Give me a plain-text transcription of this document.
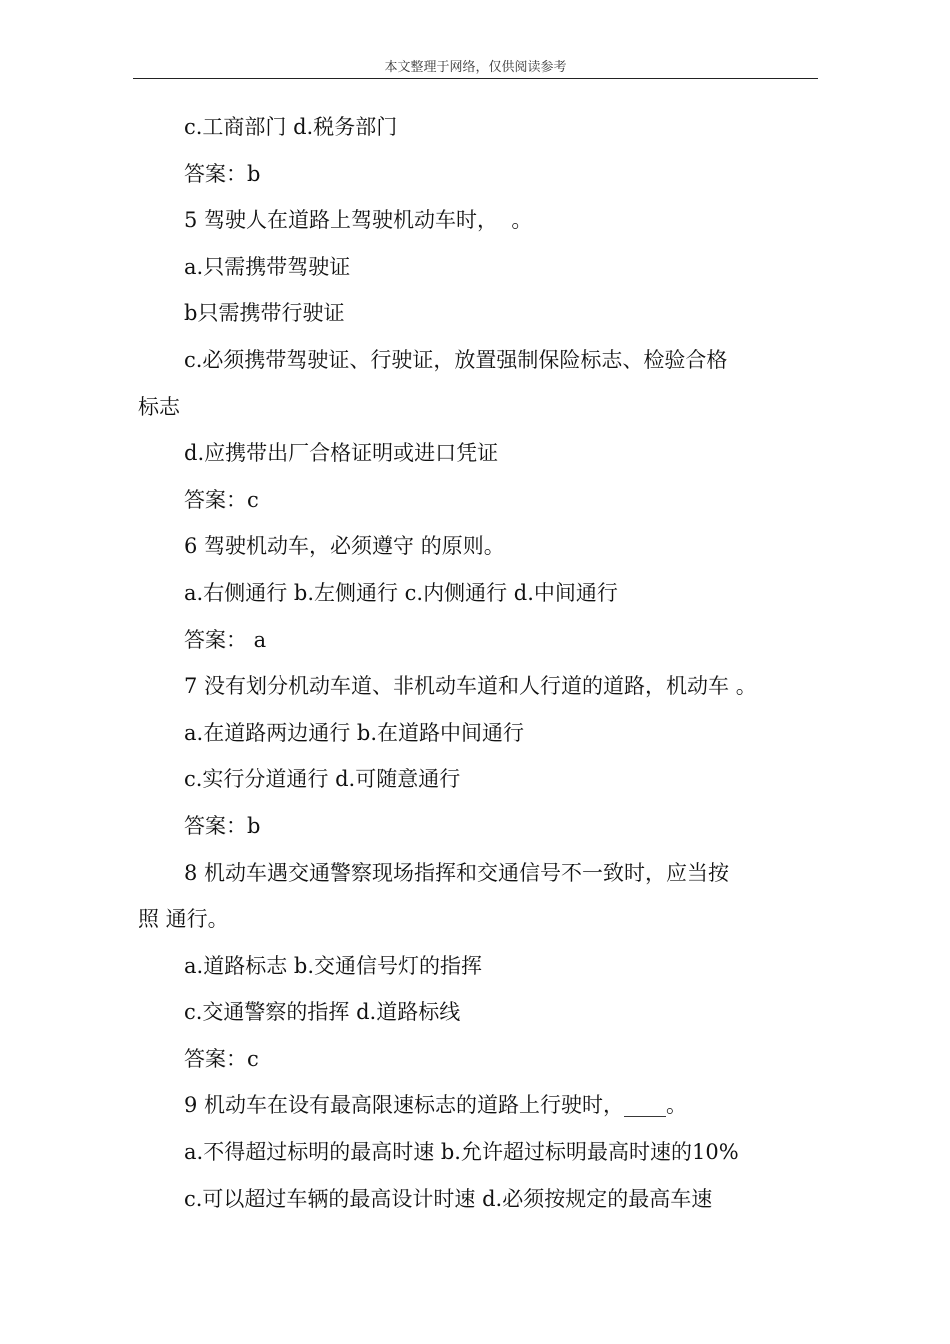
本文整理于网络，仅供阅读参考
c.工商部门 d.税务部门
答案：b
5 驾驶人在道路上驾驶机动车时，  。
a.只需携带驾驶证
b只需携带行驶证
c.必须携带驾驶证、行驶证，放置强制保险标志、检验合格
标志
d.应携带出厂合格证明或进口凭证
答案：c
6 驾驶机动车，必须遵守 的原则。
a.右侧通行 b.左侧通行 c.内侧通行 d.中间通行
答案： a
7 没有划分机动车道、非机动车道和人行道的道路，机动车 。
a.在道路两边通行 b.在道路中间通行
c.实行分道通行 d.可随意通行
答案：b
8 机动车遇交通警察现场指挥和交通信号不一致时，应当按
照 通行。
a.道路标志 b.交通信号灯的指挥
c.交通警察的指挥 d.道路标线
答案：c
9 机动车在设有最高限速标志的道路上行驶时，____。
a.不得超过标明的最高时速 b.允许超过标明最高时速的10%
c.可以超过车辆的最高设计时速 d.必须按规定的最高车速
